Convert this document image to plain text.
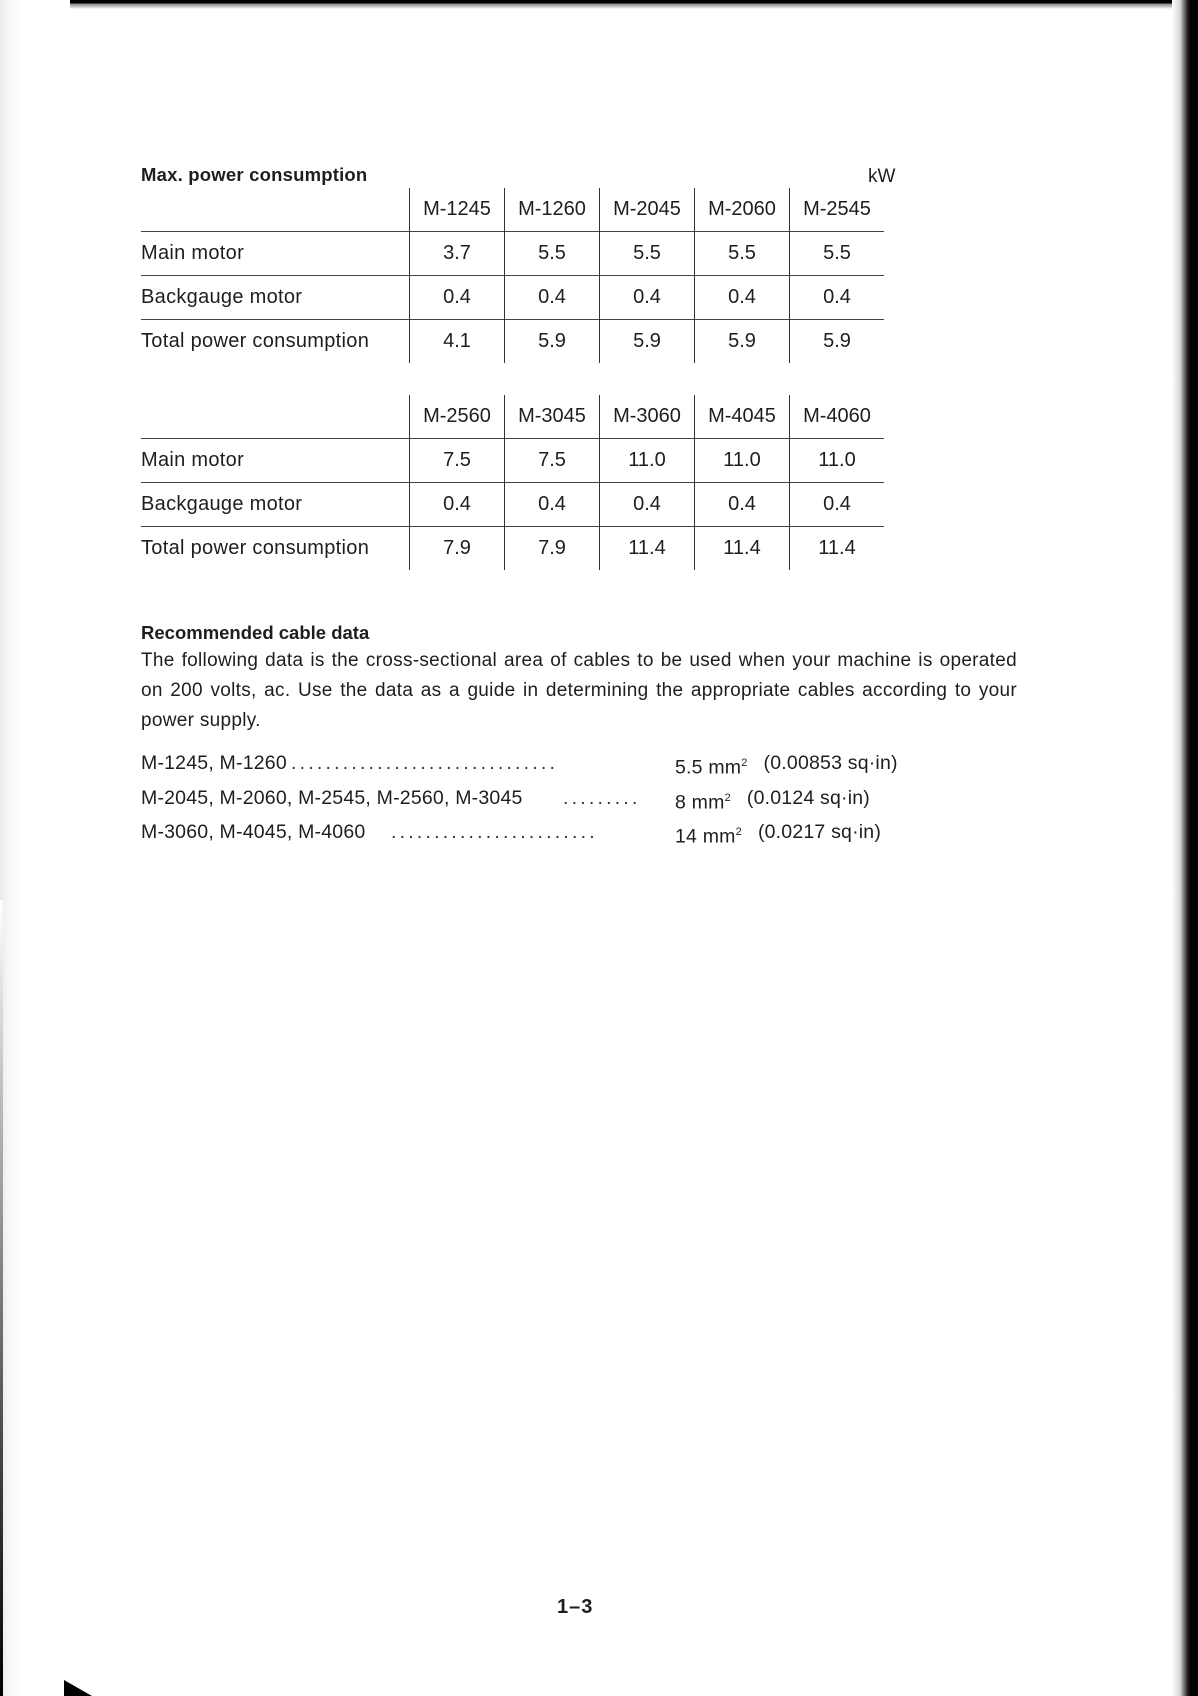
Max. power consumption	kW
	M-1245	M-1260	M-2045	M-2060	M-2545
Main motor	3.7	5.5	5.5	5.5	5.5
Backgauge motor	0.4	0.4	0.4	0.4	0.4
Total power consumption	4.1	5.9	5.9	5.9	5.9
	M-2560	M-3045	M-3060	M-4045	M-4060
Main motor	7.5	7.5	11.0	11.0	11.0
Backgauge motor	0.4	0.4	0.4	0.4	0.4
Total power consumption	7.9	7.9	11.4	11.4	11.4
Recommended cable data
The following data is the cross-sectional area of cables to be used when your machine is operated on 200 volts, ac. Use the data as a guide in determining the appropriate cables according to your power supply.
M-1245, M-1260 ...............................	5.5 $mm^2$ (0.00853 sq·in)
M-2045, M-2060, M-2545, M-2560, M-3045	.........	8 $mm^2$ (0.0124 sq·in)
M-3060, M-4045, M-4060	........................	14 $mm^2$ (0.0217 sq·in)
1–3
